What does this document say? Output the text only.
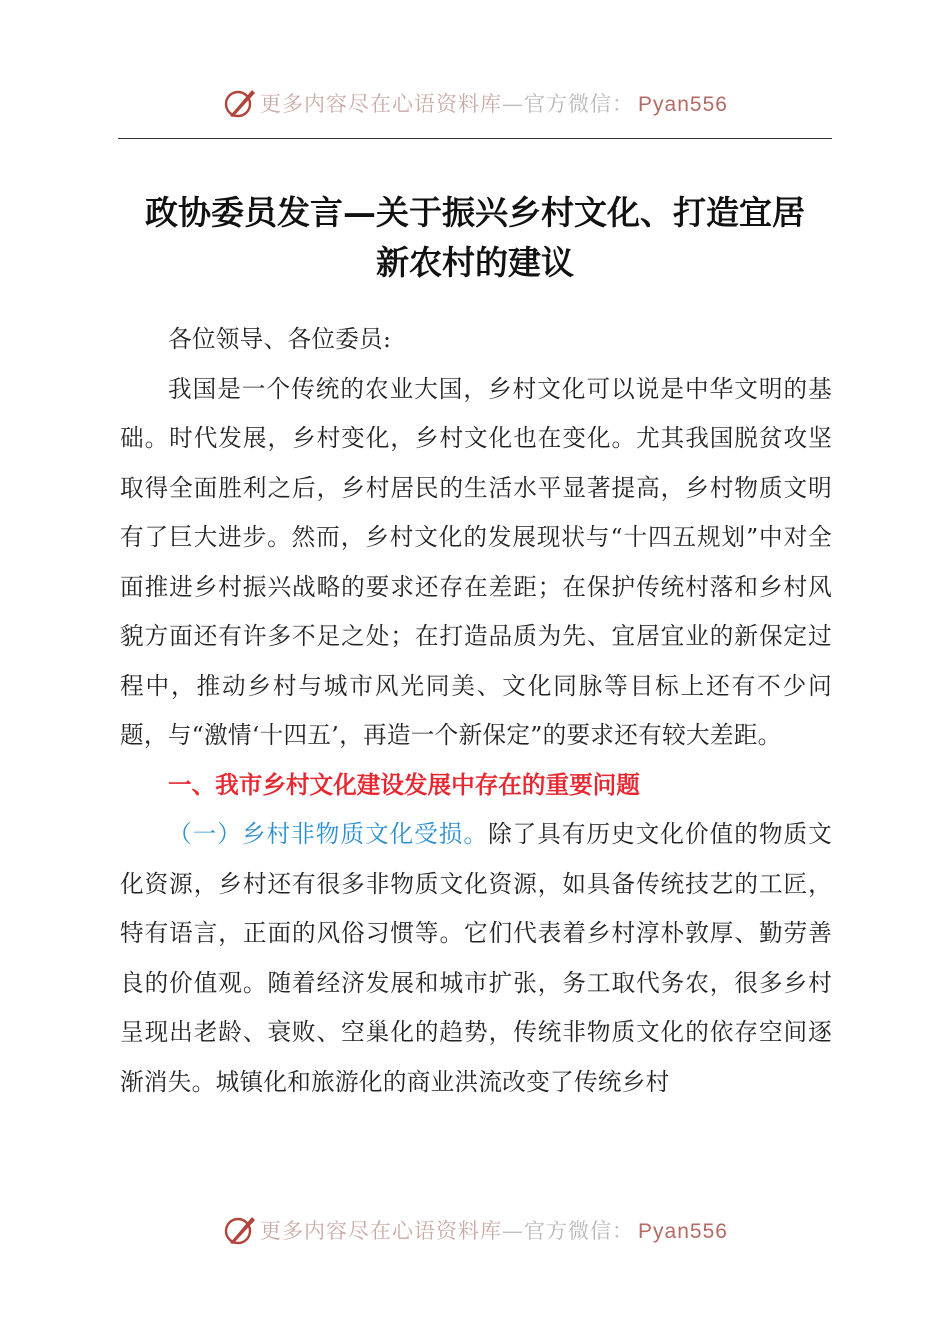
更多内容尽在心语资料库—官方微信： Pyan556
政协委员发言—关于振兴乡村文化、打造宜居
新农村的建议

各位领导、各位委员:

我国是一个传统的农业大国，乡村文化可以说是中华文明的基础。时代发展，乡村变化，乡村文化也在变化。尤其我国脱贫攻坚取得全面胜利之后，乡村居民的生活水平显著提高，乡村物质文明有了巨大进步。然而，乡村文化的发展现状与“十四五规划”中对全面推进乡村振兴战略的要求还存在差距；在保护传统村落和乡村风貌方面还有许多不足之处；在打造品质为先、宜居宜业的新保定过程中，推动乡村与城市风光同美、文化同脉等目标上还有不少问题，与“激情‘十四五’，再造一个新保定”的要求还有较大差距。

一、我市乡村文化建设发展中存在的重要问题

（一）乡村非物质文化受损。除了具有历史文化价值的物质文化资源，乡村还有很多非物质文化资源，如具备传统技艺的工匠，特有语言，正面的风俗习惯等。它们代表着乡村淳朴敦厚、勤劳善良的价值观。随着经济发展和城市扩张，务工取代务农，很多乡村呈现出老龄、衰败、空巢化的趋势，传统非物质文化的依存空间逐渐消失。城镇化和旅游化的商业洪流改变了传统乡村

更多内容尽在心语资料库—官方微信： Pyan556
